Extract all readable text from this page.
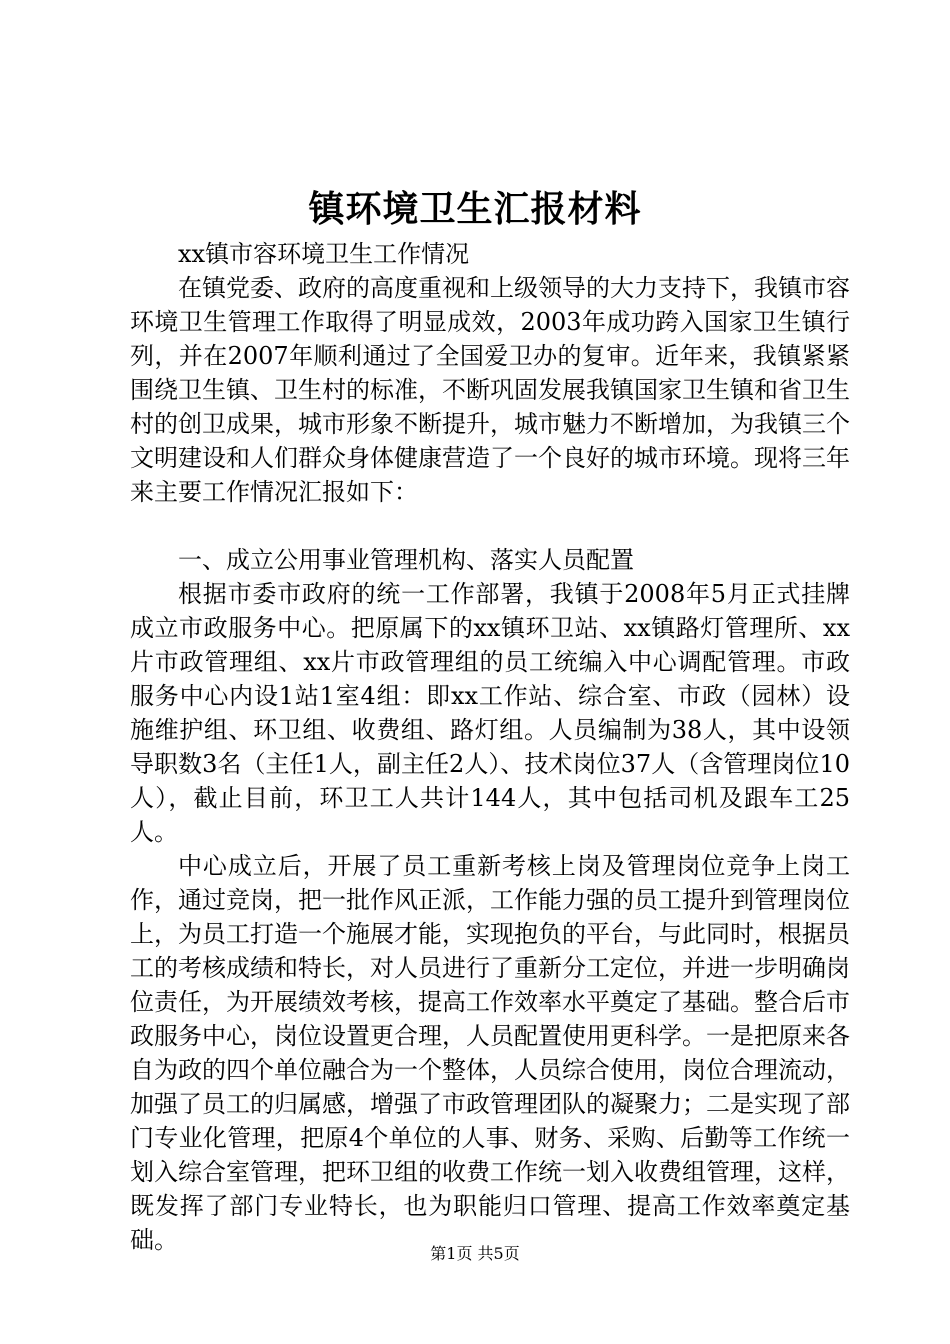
镇环境卫生汇报材料

xx镇市容环境卫生工作情况

在镇党委、政府的高度重视和上级领导的大力支持下，我镇市容环境卫生管理工作取得了明显成效，2003年成功跨入国家卫生镇行列，并在2007年顺利通过了全国爱卫办的复审。近年来，我镇紧紧围绕卫生镇、卫生村的标准，不断巩固发展我镇国家卫生镇和省卫生村的创卫成果，城市形象不断提升，城市魅力不断增加，为我镇三个文明建设和人们群众身体健康营造了一个良好的城市环境。现将三年来主要工作情况汇报如下：

一、成立公用事业管理机构、落实人员配置

根据市委市政府的统一工作部署，我镇于2008年5月正式挂牌成立市政服务中心。把原属下的xx镇环卫站、xx镇路灯管理所、xx片市政管理组、xx片市政管理组的员工统编入中心调配管理。市政服务中心内设1站1室4组：即xx工作站、综合室、市政（园林）设施维护组、环卫组、收费组、路灯组。人员编制为38人，其中设领导职数3名（主任1人，副主任2人）、技术岗位37人（含管理岗位10人），截止目前，环卫工人共计144人，其中包括司机及跟车工25人。

中心成立后，开展了员工重新考核上岗及管理岗位竞争上岗工作，通过竞岗，把一批作风正派，工作能力强的员工提升到管理岗位上，为员工打造一个施展才能，实现抱负的平台，与此同时，根据员工的考核成绩和特长，对人员进行了重新分工定位，并进一步明确岗位责任，为开展绩效考核，提高工作效率水平奠定了基础。整合后市政服务中心，岗位设置更合理，人员配置使用更科学。一是把原来各自为政的四个单位融合为一个整体，人员综合使用，岗位合理流动，加强了员工的归属感，增强了市政管理团队的凝聚力；二是实现了部门专业化管理，把原4个单位的人事、财务、采购、后勤等工作统一划入综合室管理，把环卫组的收费工作统一划入收费组管理，这样，既发挥了部门专业特长，也为职能归口管理、提高工作效率奠定基础。	第1页 共5页
